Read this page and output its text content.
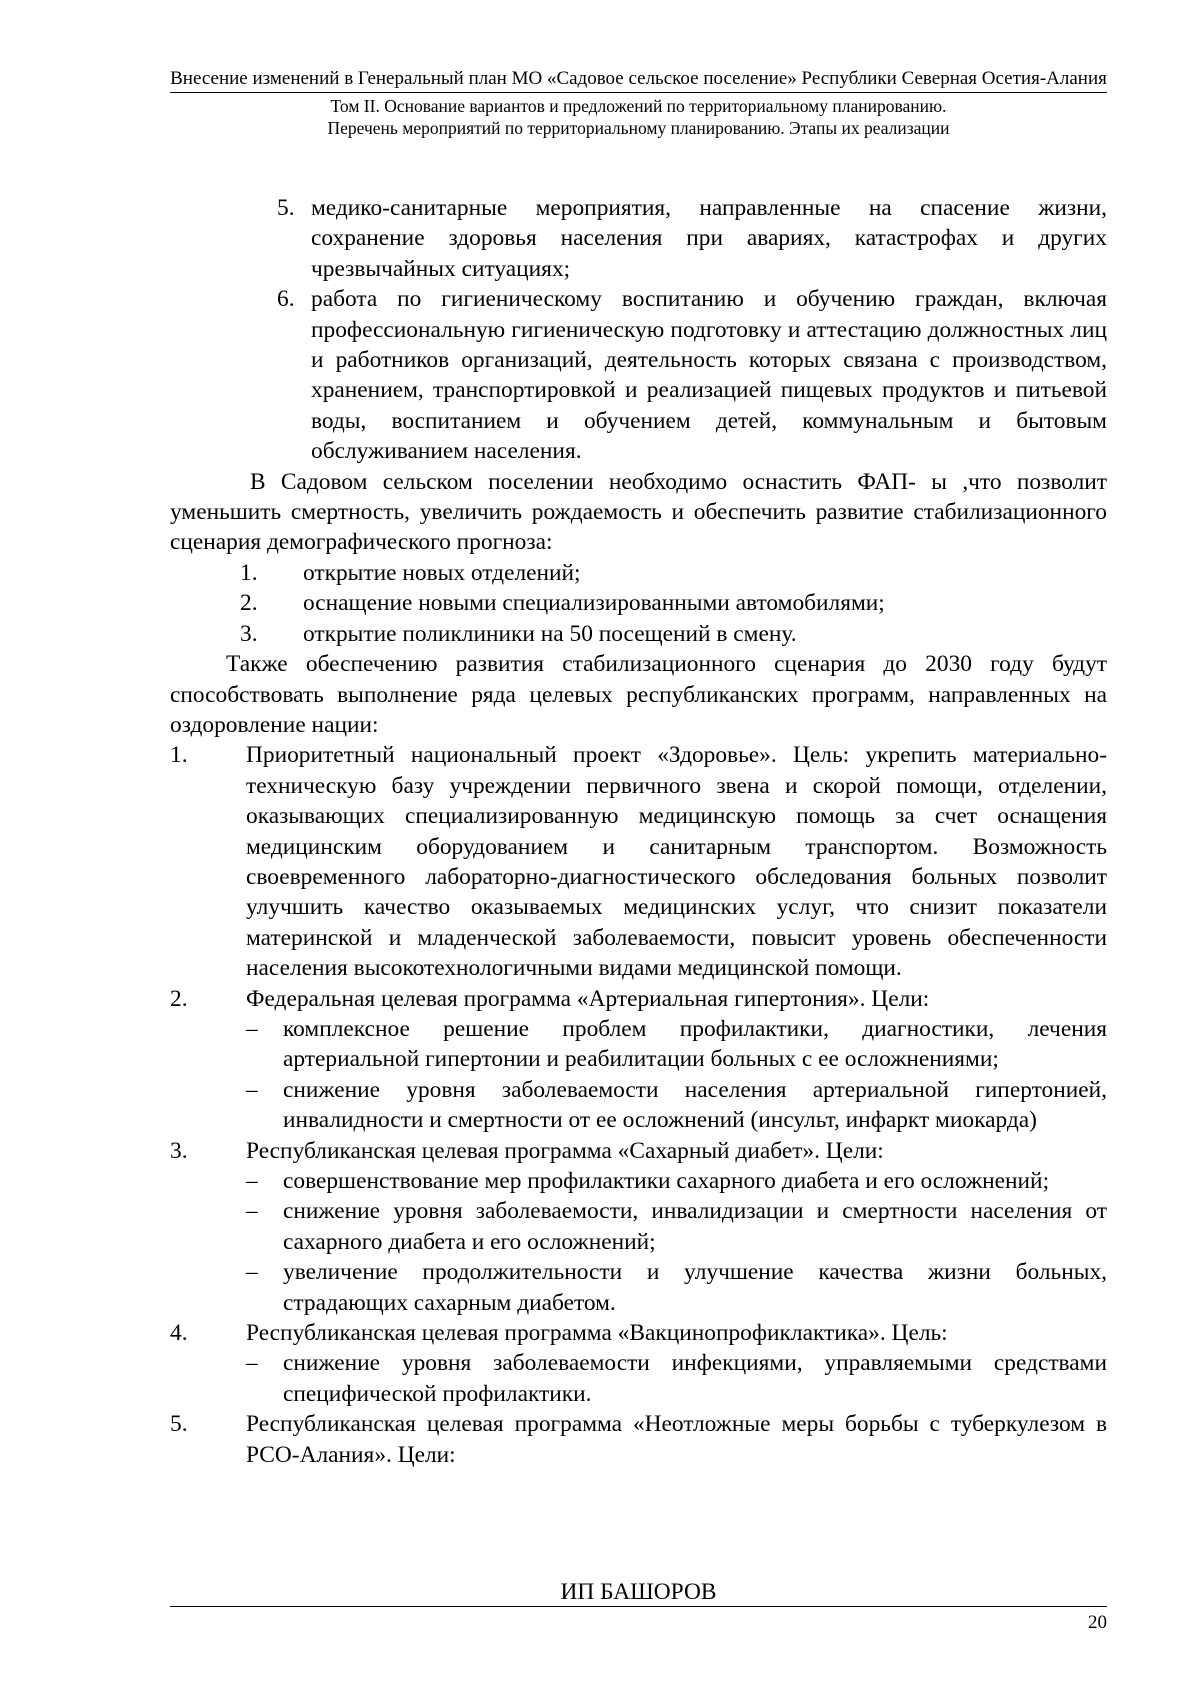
Внесение изменений в Генеральный план МО «Садовое сельское поселение» Республики Северная Осетия-Алания
Том II. Основание вариантов и предложений по территориальному планированию.
Перечень мероприятий по территориальному планированию. Этапы их реализации
5. медико-санитарные мероприятия, направленные на спасение жизни, сохранение здоровья населения при авариях, катастрофах и других чрезвычайных ситуациях;
6. работа по гигиеническому воспитанию и обучению граждан, включая профессиональную гигиеническую подготовку и аттестацию должностных лиц и работников организаций, деятельность которых связана с производством, хранением, транспортировкой и реализацией пищевых продуктов и питьевой воды, воспитанием и обучением детей, коммунальным и бытовым обслуживанием населения.
В Садовом сельском поселении необходимо оснастить ФАП- ы ,что позволит уменьшить смертность, увеличить рождаемость и обеспечить развитие стабилизационного сценария демографического прогноза:
1.	открытие новых отделений;
2.	оснащение новыми специализированными автомобилями;
3.	открытие поликлиники на 50 посещений в смену.
Также обеспечению развития стабилизационного сценария до 2030 году будут способствовать выполнение ряда целевых республиканских программ, направленных на оздоровление нации:
1.	Приоритетный национальный проект «Здоровье». Цель: укрепить материально-техническую базу учреждении первичного звена и скорой помощи, отделении, оказывающих специализированную медицинскую помощь за счет оснащения медицинским оборудованием и санитарным транспортом. Возможность своевременного лабораторно-диагностического обследования больных позволит улучшить качество оказываемых медицинских услуг, что снизит показатели материнской и младенческой заболеваемости, повысит уровень обеспеченности населения высокотехнологичными видами медицинской помощи.
2.	Федеральная целевая программа «Артериальная гипертония». Цели:
–	комплексное решение проблем профилактики, диагностики, лечения артериальной гипертонии и реабилитации больных с ее осложнениями;
–	снижение уровня заболеваемости населения артериальной гипертонией, инвалидности и смертности от ее осложнений (инсульт, инфаркт миокарда)
3.	Республиканская целевая программа «Сахарный диабет». Цели:
–	совершенствование мер профилактики сахарного диабета и его осложнений;
–	снижение уровня заболеваемости, инвалидизации и смертности населения от сахарного диабета и его осложнений;
–	увеличение продолжительности и улучшение качества жизни больных, страдающих сахарным диабетом.
4.	Республиканская целевая программа «Вакцинопрофиклактика». Цель:
–	снижение уровня заболеваемости инфекциями, управляемыми средствами специфической профилактики.
5.	Республиканская целевая программа «Неотложные меры борьбы с туберкулезом в РСО-Алания». Цели:
ИП БАШОРОВ
20
